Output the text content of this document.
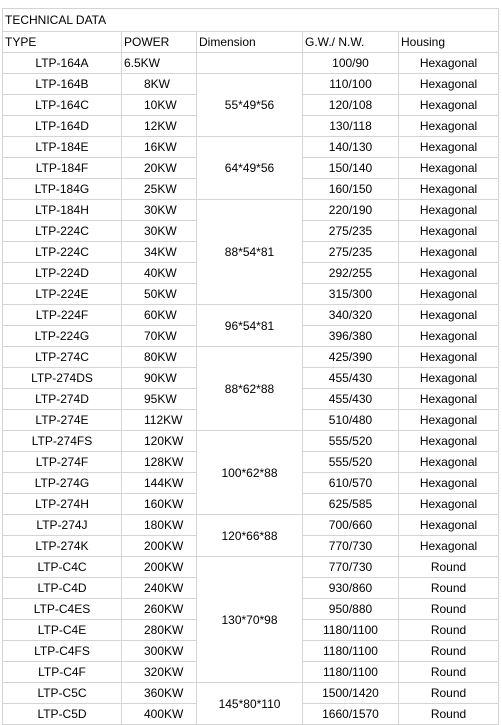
TECHNICAL DATA				
TYPE	POWER	Dimension	G.W./ N.W.	Housing
LTP-164A	6.5KW		100/90	Hexagonal
LTP-164B	8KW	55*49*56	110/100	Hexagonal
LTP-164C	10KW		120/108	Hexagonal
LTP-164D	12KW		130/118	Hexagonal
LTP-184E	16KW	64*49*56	140/130	Hexagonal
LTP-184F	20KW		150/140	Hexagonal
LTP-184G	25KW		160/150	Hexagonal
LTP-184H	30KW	88*54*81	220/190	Hexagonal
LTP-224C	30KW		275/235	Hexagonal
LTP-224C	34KW		275/235	Hexagonal
LTP-224D	40KW		292/255	Hexagonal
LTP-224E	50KW		315/300	Hexagonal
LTP-224F	60KW	96*54*81	340/320	Hexagonal
LTP-224G	70KW		396/380	Hexagonal
LTP-274C	80KW	88*62*88	425/390	Hexagonal
LTP-274DS	90KW		455/430	Hexagonal
LTP-274D	95KW		455/430	Hexagonal
LTP-274E	112KW		510/480	Hexagonal
LTP-274FS	120KW	100*62*88	555/520	Hexagonal
LTP-274F	128KW		555/520	Hexagonal
LTP-274G	144KW		610/570	Hexagonal
LTP-274H	160KW		625/585	Hexagonal
LTP-274J	180KW	120*66*88	700/660	Hexagonal
LTP-274K	200KW		770/730	Hexagonal
LTP-C4C	200KW	130*70*98	770/730	Round
LTP-C4D	240KW		930/860	Round
LTP-C4ES	260KW		950/880	Round
LTP-C4E	280KW		1180/1100	Round
LTP-C4FS	300KW		1180/1100	Round
LTP-C4F	320KW		1180/1100	Round
LTP-C5C	360KW	145*80*110	1500/1420	Round
LTP-C5D	400KW		1660/1570	Round
